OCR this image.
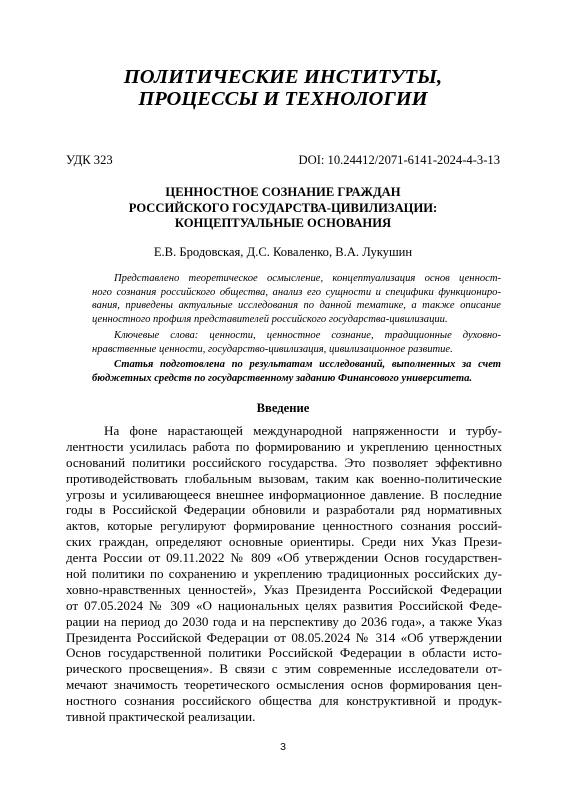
ПОЛИТИЧЕСКИЕ ИНСТИТУТЫ,
ПРОЦЕССЫ И ТЕХНОЛОГИИ
УДК 323	DOI: 10.24412/2071-6141-2024-4-3-13
ЦЕННОСТНОЕ СОЗНАНИЕ ГРАЖДАН
РОССИЙСКОГО ГОСУДАРСТВА-ЦИВИЛИЗАЦИИ:
КОНЦЕПТУАЛЬНЫЕ ОСНОВАНИЯ
Е.В. Бродовская, Д.С. Коваленко, В.А. Лукушин
Представлено теоретическое осмысление, концептуализация основ ценност-
ного сознания российского общества, анализ его сущности и специфики функциониро-
вания, приведены актуальные исследования по данной тематике, а также описание
ценностного профиля представителей российского государства-цивилизации.
Ключевые слова: ценности, ценностное сознание, традиционные духовно-
нравственные ценности, государство-цивилизация, цивилизационное развитие.
Статья подготовлена по результатам исследований, выполненных за счет
бюджетных средств по государственному заданию Финансового университета.
Введение
На фоне нарастающей международной напряженности и турбу-
лентности усилилась работа по формированию и укреплению ценностных
оснований политики российского государства. Это позволяет эффективно
противодействовать глобальным вызовам, таким как военно-политические
угрозы и усиливающееся внешнее информационное давление. В последние
годы в Российской Федерации обновили и разработали ряд нормативных
актов, которые регулируют формирование ценностного сознания россий-
ских граждан, определяют основные ориентиры. Среди них Указ Прези-
дента России от 09.11.2022 № 809 «Об утверждении Основ государствен-
ной политики по сохранению и укреплению традиционных российских ду-
ховно-нравственных ценностей», Указ Президента Российской Федерации
от 07.05.2024 № 309 «О национальных целях развития Российской Феде-
рации на период до 2030 года и на перспективу до 2036 года», а также Указ
Президента Российской Федерации от 08.05.2024 № 314 «Об утверждении
Основ государственной политики Российской Федерации в области исто-
рического просвещения». В связи с этим современные исследователи от-
мечают значимость теоретического осмысления основ формирования цен-
ностного сознания российского общества для конструктивной и продук-
тивной практической реализации.
3
